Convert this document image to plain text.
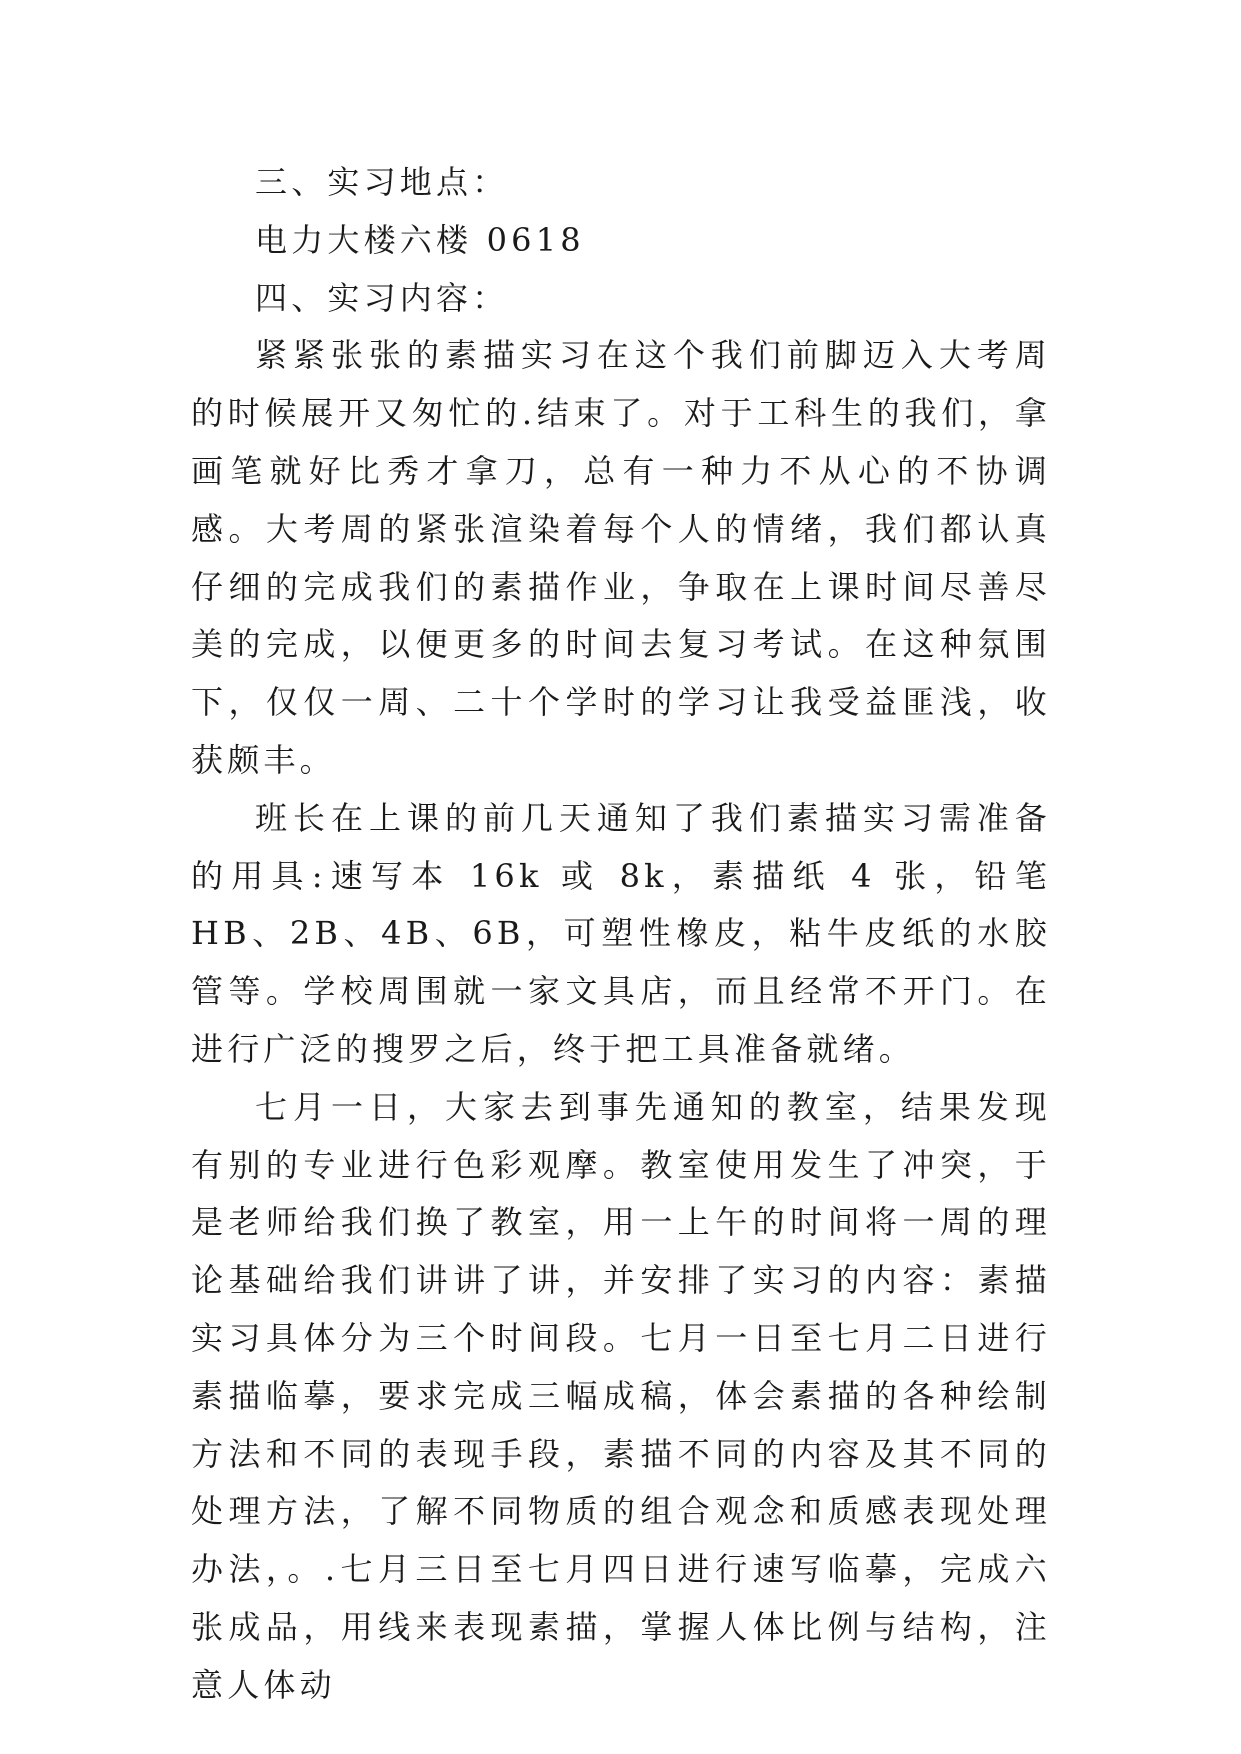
三、实习地点：

电力大楼六楼 0618

四、实习内容：

紧紧张张的素描实习在这个我们前脚迈入大考周的时候展开又匆忙的.结束了。对于工科生的我们，拿画笔就好比秀才拿刀，总有一种力不从心的不协调感。大考周的紧张渲染着每个人的情绪，我们都认真仔细的完成我们的素描作业，争取在上课时间尽善尽美的完成，以便更多的时间去复习考试。在这种氛围下，仅仅一周、二十个学时的学习让我受益匪浅，收获颇丰。

班长在上课的前几天通知了我们素描实习需准备的用具:速写本 16k 或 8k，素描纸 4 张，铅笔 HB、2B、4B、6B，可塑性橡皮，粘牛皮纸的水胶管等。学校周围就一家文具店，而且经常不开门。在进行广泛的搜罗之后，终于把工具准备就绪。

七月一日，大家去到事先通知的教室，结果发现有别的专业进行色彩观摩。教室使用发生了冲突，于是老师给我们换了教室，用一上午的时间将一周的理论基础给我们讲讲了讲，并安排了实习的内容：素描实习具体分为三个时间段。七月一日至七月二日进行素描临摹，要求完成三幅成稿，体会素描的各种绘制方法和不同的表现手段，素描不同的内容及其不同的处理方法，了解不同物质的组合观念和质感表现处理办法，。.七月三日至七月四日进行速写临摹，完成六张成品，用线来表现素描，掌握人体比例与结构，注意人体动
